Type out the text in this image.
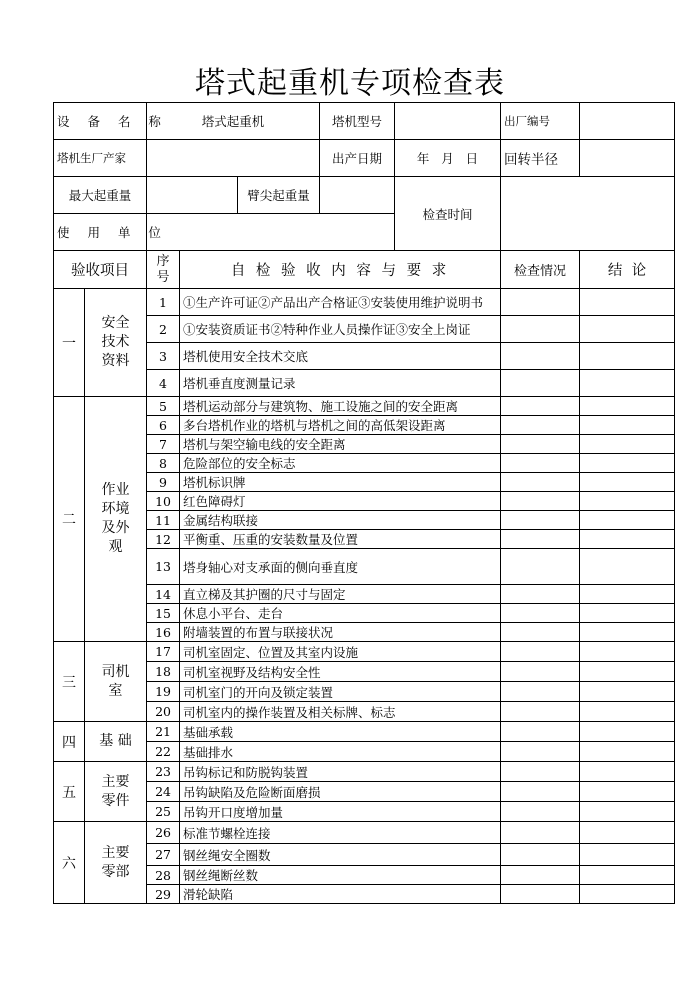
塔式起重机专项检查表
设 备 名 称		塔式起重机			塔机型号		出厂编号	
塔机生厂产家					出产日期	年   月   日	回转半径	
最大起重量				臂尖起重量		检查时间		
使 用 单 位								
验收项目		序号	自 检 验 收 内 容 与 要 求				检查情况	结  论
一	安全技术资料	1	①生产许可证②产品出产合格证③安装使用维护说明书					
		2	①安装资质证书②特种作业人员操作证③安全上岗证					
		3	塔机使用安全技术交底					
		4	塔机垂直度测量记录					
二	作业环境及外观	5	塔机运动部分与建筑物、施工设施之间的安全距离					
		6	多台塔机作业的塔机与塔机之间的高低架设距离					
		7	塔机与架空输电线的安全距离					
		8	危险部位的安全标志					
		9	塔机标识牌					
		10	红色障碍灯					
		11	金属结构联接					
		12	平衡重、压重的安装数量及位置					
		13	塔身轴心对支承面的侧向垂直度					
		14	直立梯及其护圈的尺寸与固定					
		15	休息小平台、走台					
		16	附墙装置的布置与联接状况					
三	司机室	17	司机室固定、位置及其室内设施					
		18	司机室视野及结构安全性					
		19	司机室门的开向及锁定装置					
		20	司机室内的操作装置及相关标牌、标志					
四	基 础	21	基础承载					
		22	基础排水					
五	主要零件	23	吊钩标记和防脱钩装置					
		24	吊钩缺陷及危险断面磨损					
		25	吊钩开口度增加量					
六	主要零部	26	标准节螺栓连接					
		27	钢丝绳安全圈数					
		28	钢丝绳断丝数					
		29	滑轮缺陷					
